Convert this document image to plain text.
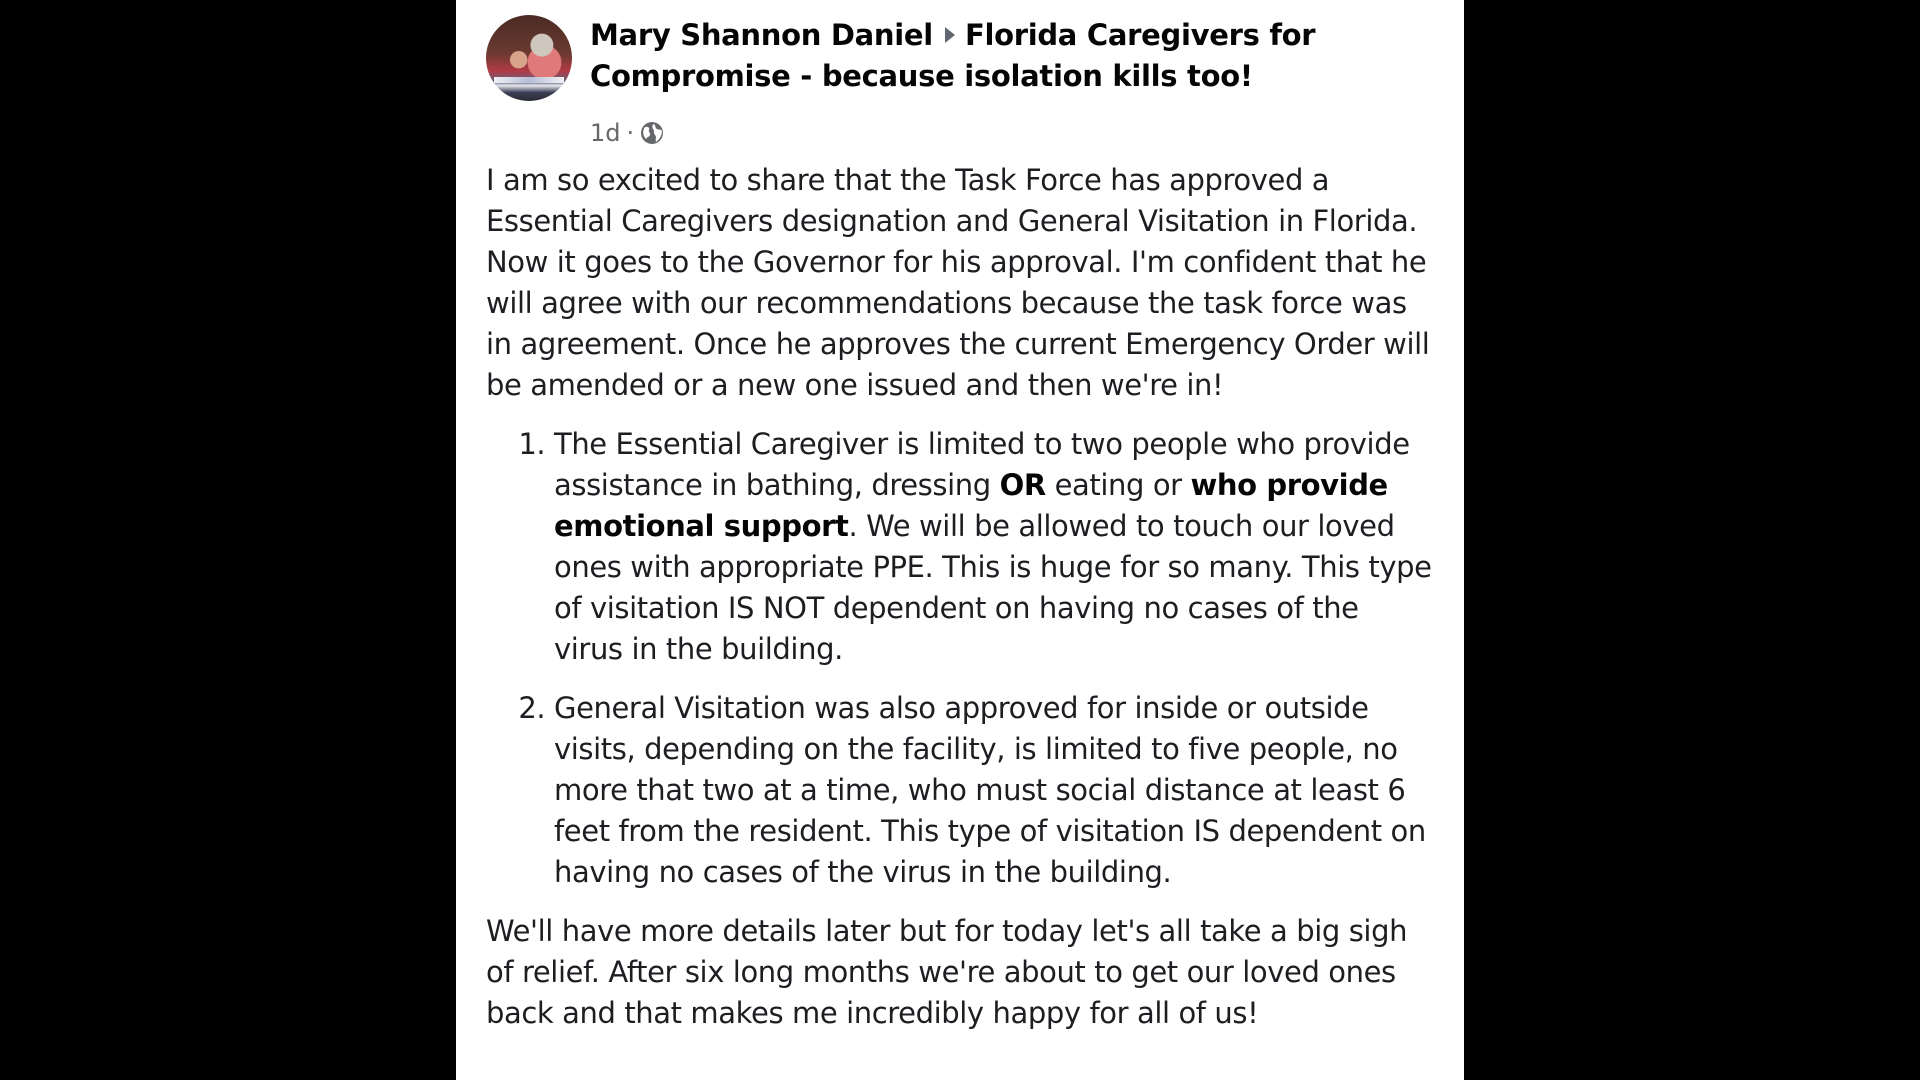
Mary Shannon Daniel Florida Caregivers for Compromise - because isolation kills too!
1d ·

I am so excited to share that the Task Force has approved a Essential Caregivers designation and General Visitation in Florida. Now it goes to the Governor for his approval. I'm confident that he will agree with our recommendations because the task force was in agreement. Once he approves the current Emergency Order will be amended or a new one issued and then we're in!

1. The Essential Caregiver is limited to two people who provide assistance in bathing, dressing OR eating or who provide emotional support. We will be allowed to touch our loved ones with appropriate PPE. This is huge for so many. This type of visitation IS NOT dependent on having no cases of the virus in the building.
2. General Visitation was also approved for inside or outside visits, depending on the facility, is limited to five people, no more that two at a time, who must social distance at least 6 feet from the resident. This type of visitation IS dependent on having no cases of the virus in the building.

We'll have more details later but for today let's all take a big sigh of relief. After six long months we're about to get our loved ones back and that makes me incredibly happy for all of us!
